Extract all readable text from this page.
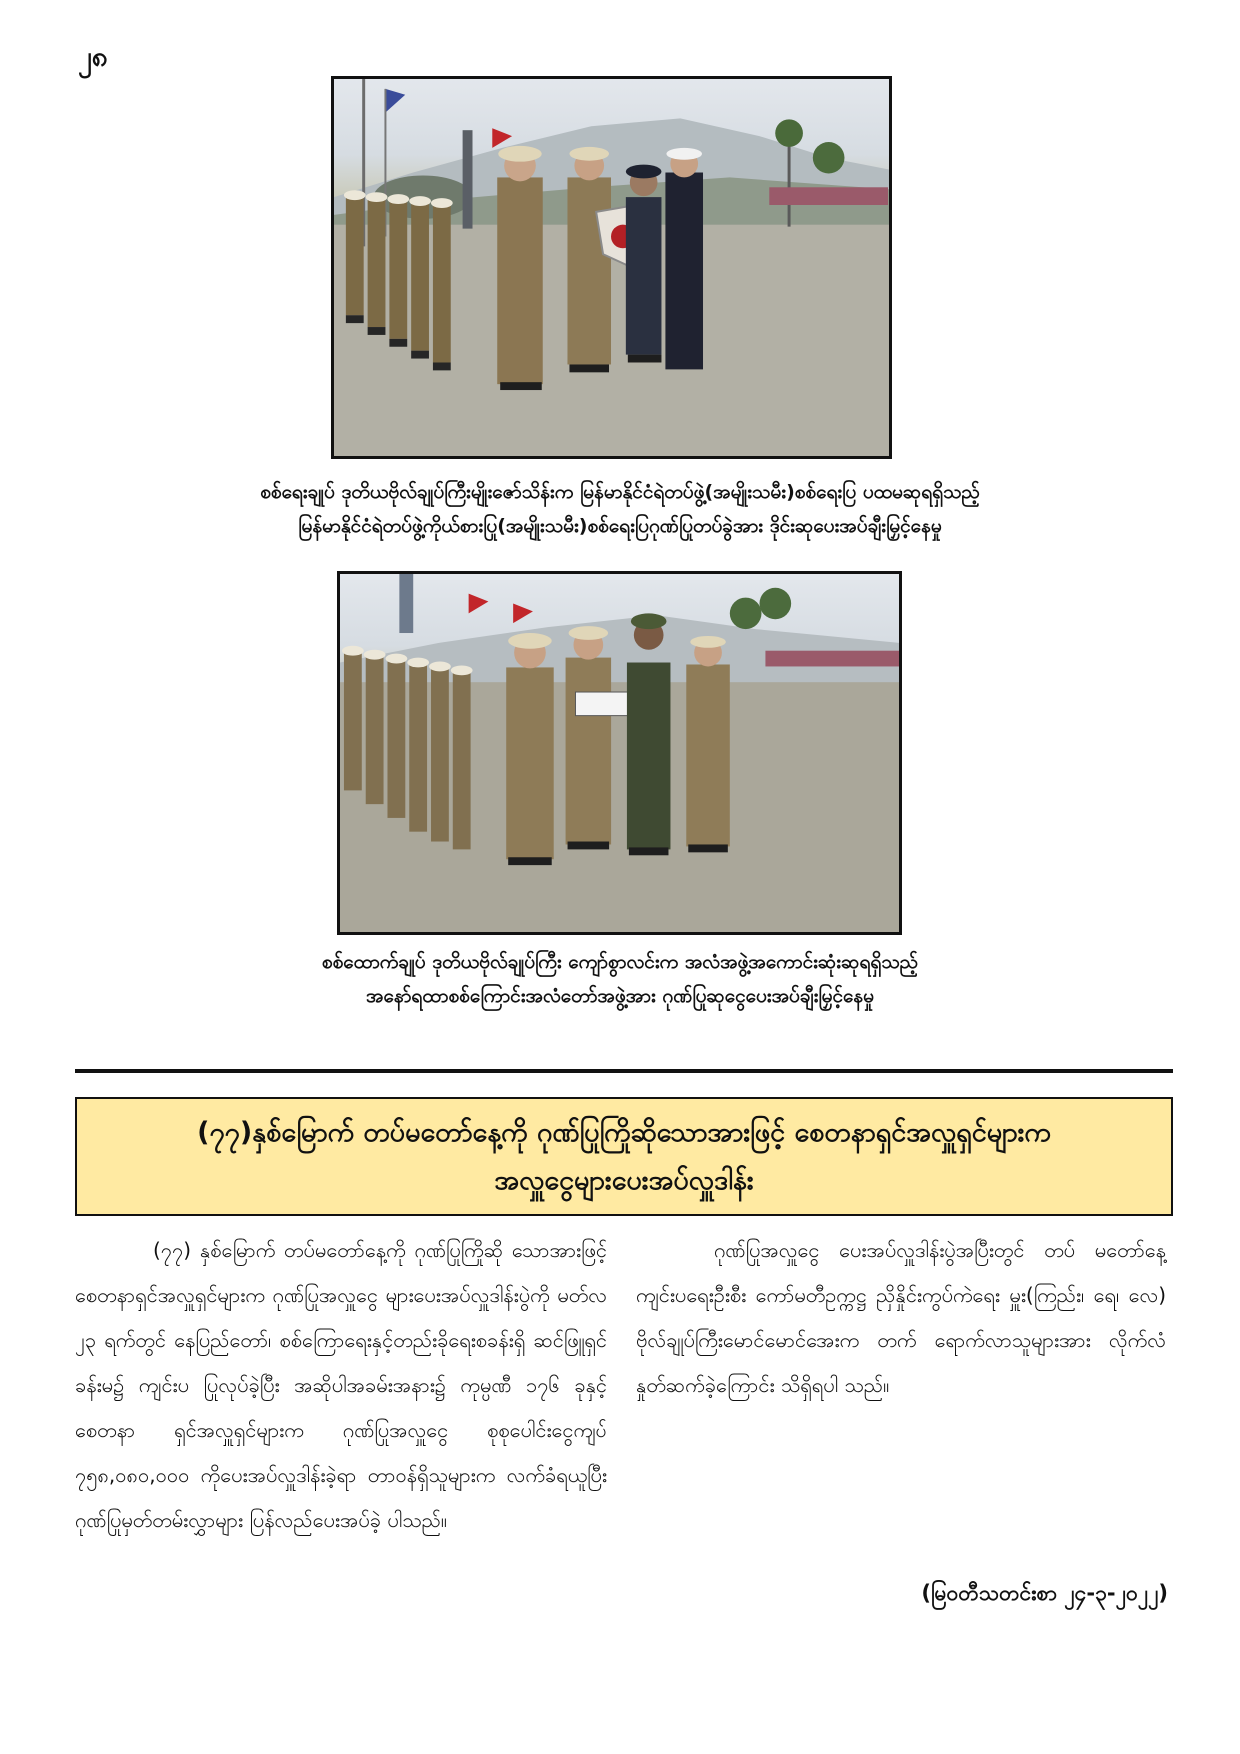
၂၈
စစ်ရေးချုပ် ဒုတိယဗိုလ်ချုပ်ကြီးမျိုးဇော်သိန်းက မြန်မာနိုင်ငံရဲတပ်ဖွဲ့(အမျိုးသမီး)စစ်ရေးပြ ပထမဆုရရှိသည့်
မြန်မာနိုင်ငံရဲတပ်ဖွဲ့ကိုယ်စားပြု(အမျိုးသမီး)စစ်ရေးပြဂုဏ်ပြုတပ်ခွဲအား ဒိုင်းဆုပေးအပ်ချီးမြှင့်နေမှု
စစ်ထောက်ချုပ် ဒုတိယဗိုလ်ချုပ်ကြီး ကျော်စွာလင်းက အလံအဖွဲ့အကောင်းဆုံးဆုရရှိသည့်
အနော်ရထာစစ်ကြောင်းအလံတော်အဖွဲ့အား ဂုဏ်ပြုဆုငွေပေးအပ်ချီးမြှင့်နေမှု
(၇၇)နှစ်မြောက် တပ်မတော်နေ့ကို ဂုဏ်ပြုကြိုဆိုသောအားဖြင့် စေတနာရှင်အလှူရှင်များက
အလှူငွေများပေးအပ်လှူဒါန်း
(၇၇) နှစ်မြောက် တပ်မတော်နေ့ကို ဂုဏ်ပြုကြိုဆို သောအားဖြင့် စေတနာရှင်အလှူရှင်များက ဂုဏ်ပြုအလှူငွေ များပေးအပ်လှူဒါန်းပွဲကို မတ်လ ၂၃ ရက်တွင် နေပြည်တော်၊ စစ်ကြောရေးနှင့်တည်းခိုရေးစခန်းရှိ ဆင်ဖြူရှင်ခန်းမ၌ ကျင်းပ ပြုလုပ်ခဲ့ပြီး အဆိုပါအခမ်းအနား၌ ကုမ္ပဏီ ၁၇၆ ခုနှင့် စေတနာ ရှင်အလှူရှင်များက ဂုဏ်ပြုအလှူငွေ စုစုပေါင်းငွေကျပ် ၇၅၈,၀၈၀,၀၀၀ ကိုပေးအပ်လှူဒါန်းခဲ့ရာ တာဝန်ရှိသူများက လက်ခံရယူပြီး ဂုဏ်ပြုမှတ်တမ်းလွှာများ ပြန်လည်ပေးအပ်ခဲ့ ပါသည်။
ဂုဏ်ပြုအလှူငွေ ပေးအပ်လှူဒါန်းပွဲအပြီးတွင် တပ် မတော်နေ့ကျင်းပရေးဦးစီး ကော်မတီဥက္ကဋ္ဌ ညှိနှိုင်းကွပ်ကဲရေး မှူး(ကြည်း၊ ရေ၊ လေ) ဗိုလ်ချုပ်ကြီးမောင်မောင်အေးက တက် ရောက်လာသူများအား လိုက်လံနှုတ်ဆက်ခဲ့ကြောင်း သိရှိရပါ သည်။
(မြဝတီသတင်းစာ ၂၄-၃-၂၀၂၂)
